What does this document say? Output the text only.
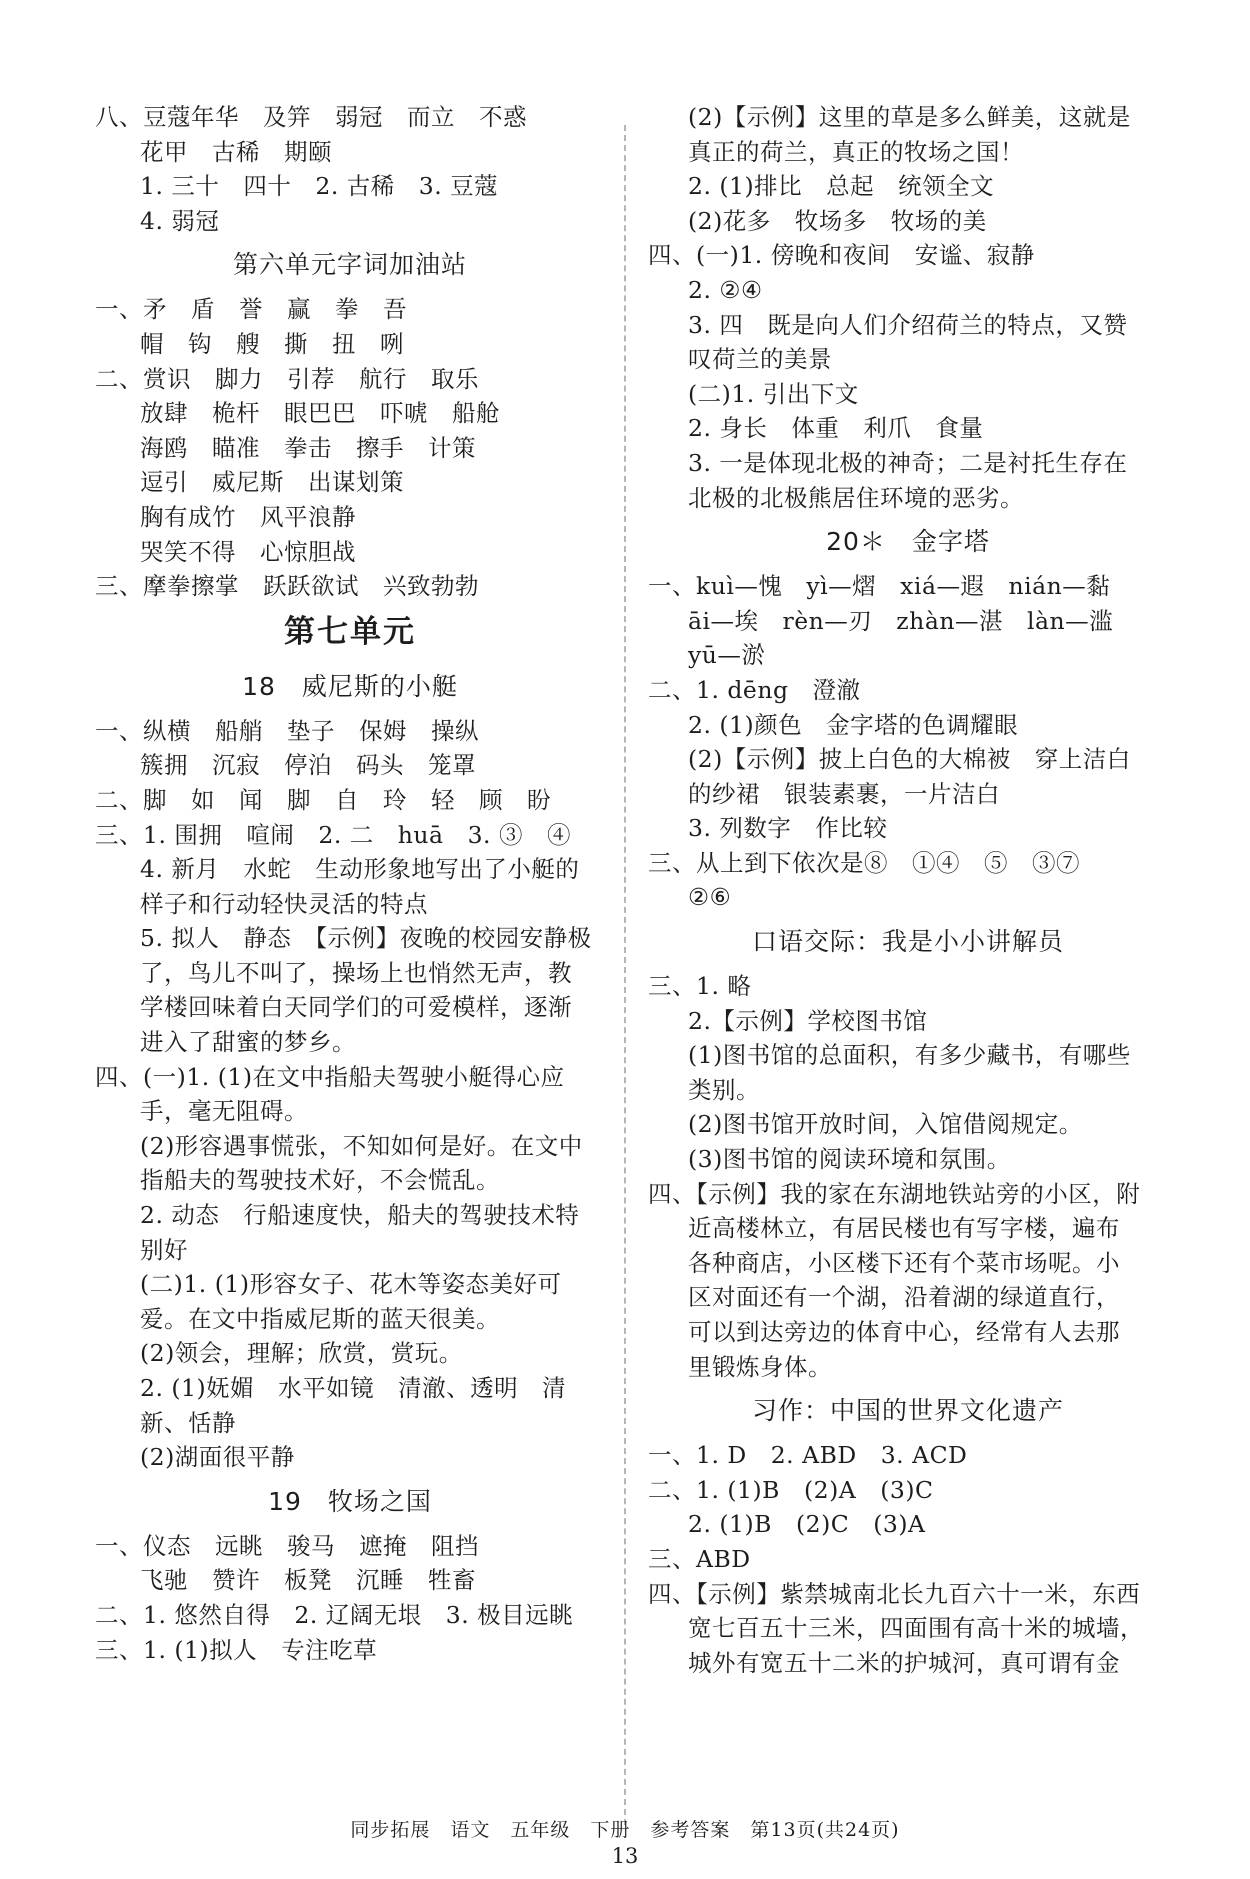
八、豆蔻年华　及笄　弱冠　而立　不惑
花甲　古稀　期颐
1. 三十　四十　2. 古稀　3. 豆蔻
4. 弱冠
第六单元字词加油站
一、矛　盾　誉　赢　拳　吾
帽　钩　艘　撕　扭　咧
二、赏识　脚力　引荐　航行　取乐
放肆　桅杆　眼巴巴　吓唬　船舱
海鸥　瞄准　拳击　擦手　计策
逗引　威尼斯　出谋划策
胸有成竹　风平浪静
哭笑不得　心惊胆战
三、摩拳擦掌　跃跃欲试　兴致勃勃
第七单元
18　威尼斯的小艇
一、纵横　船艄　垫子　保姆　操纵
簇拥　沉寂　停泊　码头　笼罩
二、脚　如　闻　脚　自　玲　轻　顾　盼
三、1. 围拥　喧闹　2. 二　huā　3. ③　④
4. 新月　水蛇　生动形象地写出了小艇的
样子和行动轻快灵活的特点
5. 拟人　静态　【示例】夜晚的校园安静极
了，鸟儿不叫了，操场上也悄然无声，教
学楼回味着白天同学们的可爱模样，逐渐
进入了甜蜜的梦乡。
四、(一)1. (1)在文中指船夫驾驶小艇得心应
手，毫无阻碍。
(2)形容遇事慌张，不知如何是好。在文中
指船夫的驾驶技术好，不会慌乱。
2. 动态　行船速度快，船夫的驾驶技术特
别好
(二)1. (1)形容女子、花木等姿态美好可
爱。在文中指威尼斯的蓝天很美。
(2)领会，理解；欣赏，赏玩。
2. (1)妩媚　水平如镜　清澈、透明　清
新、恬静
(2)湖面很平静
19　牧场之国
一、仪态　远眺　骏马　遮掩　阻挡
飞驰　赞许　板凳　沉睡　牲畜
二、1. 悠然自得　2. 辽阔无垠　3. 极目远眺
三、1. (1)拟人　专注吃草
(2)【示例】这里的草是多么鲜美，这就是
真正的荷兰，真正的牧场之国！
2. (1)排比　总起　统领全文
(2)花多　牧场多　牧场的美
四、(一)1. 傍晚和夜间　安谧、寂静
2. ②④
3. 四　既是向人们介绍荷兰的特点，又赞
叹荷兰的美景
(二)1. 引出下文
2. 身长　体重　利爪　食量
3. 一是体现北极的神奇；二是衬托生存在
北极的北极熊居住环境的恶劣。
20＊　金字塔
一、kuì—愧　yì—熠　xiá—遐　nián—黏
āi—埃　rèn—刃　zhàn—湛　làn—滥
yū—淤
二、1. dēng　澄澈
2. (1)颜色　金字塔的色调耀眼
(2)【示例】披上白色的大棉被　穿上洁白
的纱裙　银装素裹，一片洁白
3. 列数字　作比较
三、从上到下依次是⑧　①④　⑤　③⑦
②⑥
口语交际：我是小小讲解员
三、1. 略
2.【示例】学校图书馆
(1)图书馆的总面积，有多少藏书，有哪些
类别。
(2)图书馆开放时间，入馆借阅规定。
(3)图书馆的阅读环境和氛围。
四、【示例】我的家在东湖地铁站旁的小区，附
近高楼林立，有居民楼也有写字楼，遍布
各种商店，小区楼下还有个菜市场呢。小
区对面还有一个湖，沿着湖的绿道直行，
可以到达旁边的体育中心，经常有人去那
里锻炼身体。
习作：中国的世界文化遗产
一、1. D　2. ABD　3. ACD
二、1. (1)B　(2)A　(3)C
2. (1)B　(2)C　(3)A
三、ABD
四、【示例】紫禁城南北长九百六十一米，东西
宽七百五十三米，四面围有高十米的城墙，
城外有宽五十二米的护城河，真可谓有金
同步拓展　语文　五年级　下册　参考答案　第13页(共24页)
13
